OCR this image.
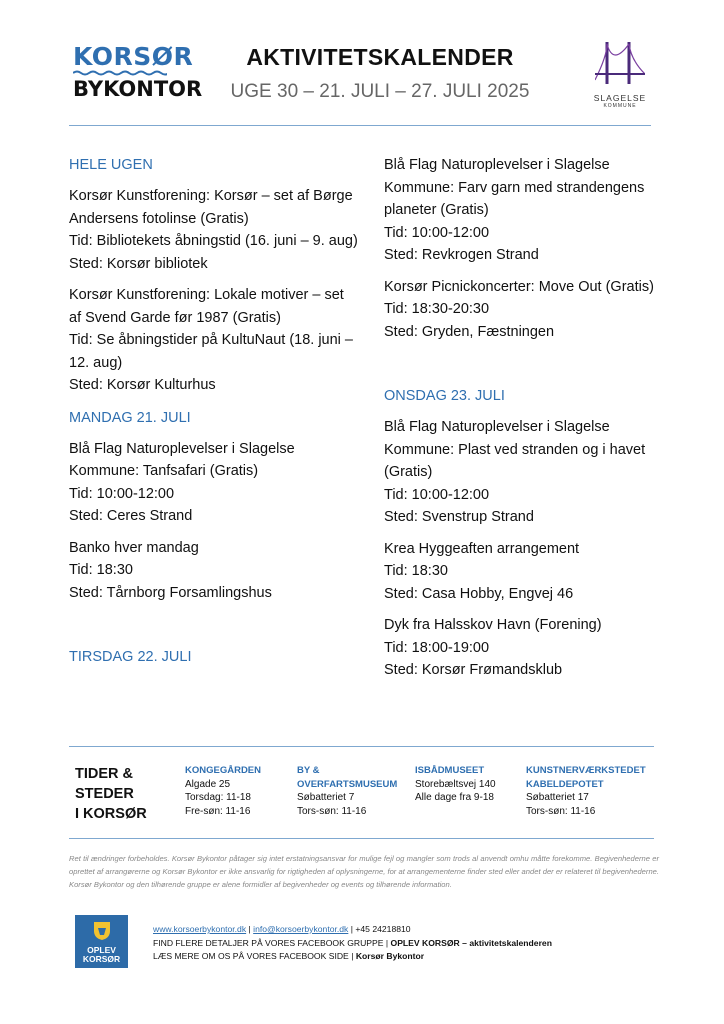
KORSØR
BYKONTOR
AKTIVITETSKALENDER
UGE 30 – 21. JULI – 27. JULI 2025	SLAGELSE
KOMMUNE
HELE UGEN
Korsør Kunstforening: Korsør – set af Børge Andersens fotolinse (Gratis)
Tid: Bibliotekets åbningstid (16. juni – 9. aug)
Sted: Korsør bibliotek
Korsør Kunstforening: Lokale motiver – set af Svend Garde før 1987 (Gratis)
Tid: Se åbningstider på KultuNaut (18. juni – 12. aug)
Sted: Korsør Kulturhus
MANDAG 21. JULI
Blå Flag Naturoplevelser i Slagelse Kommune: Tanfsafari (Gratis)
Tid: 10:00-12:00
Sted: Ceres Strand
Banko hver mandag
Tid: 18:30
Sted: Tårnborg Forsamlingshus
TIRSDAG 22. JULI
Blå Flag Naturoplevelser i Slagelse Kommune: Farv garn med strandengens planeter (Gratis)
Tid: 10:00-12:00
Sted: Revkrogen Strand
Korsør Picnickoncerter: Move Out (Gratis)
Tid: 18:30-20:30
Sted: Gryden, Fæstningen
ONSDAG 23. JULI
Blå Flag Naturoplevelser i Slagelse Kommune: Plast ved stranden og i havet (Gratis)
Tid: 10:00-12:00
Sted: Svenstrup Strand
Krea Hyggeaften arrangement
Tid: 18:30
Sted: Casa Hobby, Engvej 46
Dyk fra Halsskov Havn (Forening)
Tid: 18:00-19:00
Sted: Korsør Frømandsklub
TIDER &
STEDER
I KORSØR
KONGEGÅRDEN
Algade 25
Torsdag: 11-18
Fre-søn: 11-16
BY & OVERFARTSMUSEUM
Søbatteriet 7
Tors-søn: 11-16
ISBÅDMUSEET
Storebæltsvej 140
Alle dage fra 9-18
KUNSTNERVÆRKSTEDET KABELDEPOTET
Søbatteriet 17
Tors-søn: 11-16
Ret til ændringer forbeholdes. Korsør Bykontor påtager sig intet erstatningsansvar for mulige fejl og mangler som trods al anvendt omhu måtte forekomme. Begivenhederne er oprettet af arrangørerne og Korsør Bykontor er ikke ansvarlig for rigtigheden af oplysningerne, for at arrangementerne finder sted eller andet der er relateret til begivenhederne. Korsør Bykontor og den tilhørende gruppe er alene formidler af begivenheder og events og tilhørende information.
OPLEV
KORSØR
www.korsoerbykontor.dk | info@korsoerbykontor.dk | +45 24218810
FIND FLERE DETALJER PÅ VORES FACEBOOK GRUPPE | OPLEV KORSØR – aktivitetskalenderen
LÆS MERE OM OS PÅ VORES FACEBOOK SIDE | Korsør Bykontor
